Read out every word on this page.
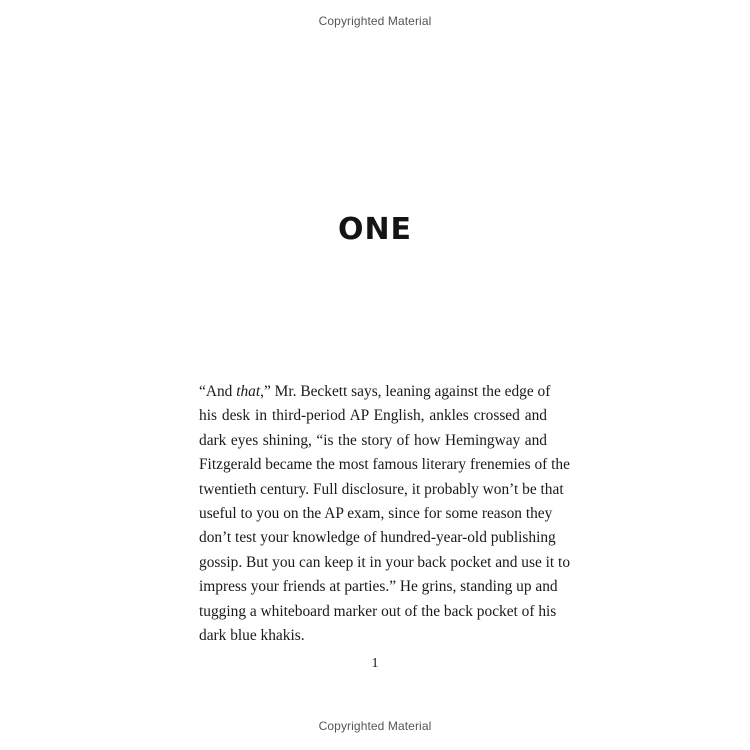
Copyrighted Material
ONE
“And that,” Mr. Beckett says, leaning against the edge of
his desk in third-period AP English, ankles crossed and
dark eyes shining, “is the story of how Hemingway and
Fitzgerald became the most famous literary frenemies of the
twentieth century. Full disclosure, it probably won’t be that
useful to you on the AP exam, since for some reason they
don’t test your knowledge of hundred-year-old publishing
gossip. But you can keep it in your back pocket and use it to
impress your friends at parties.” He grins, standing up and
tugging a whiteboard marker out of the back pocket of his
dark blue khakis.
1
Copyrighted Material
